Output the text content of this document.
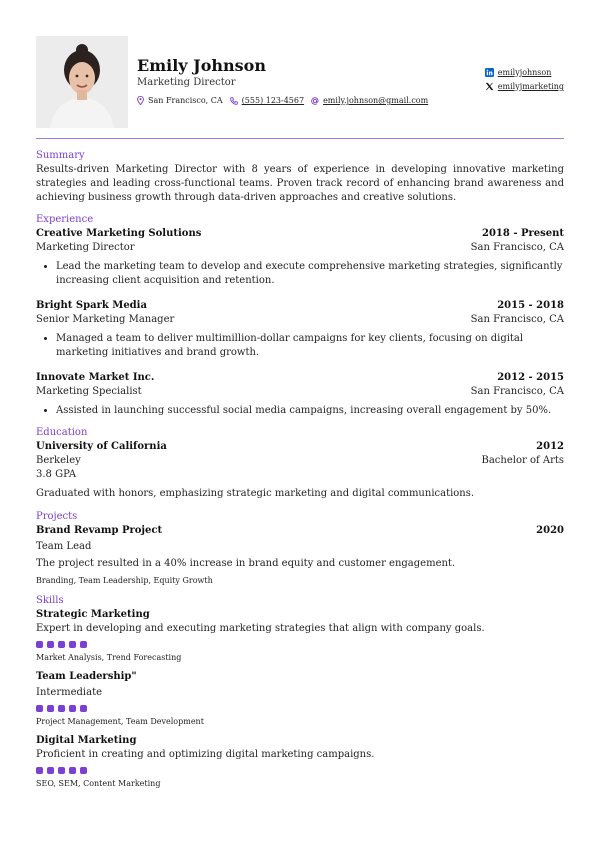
Emily Johnson
Marketing Director
San Francisco, CA (555) 123-4567 emily.johnson@gmail.com
emilyjohnson
emilyjmarketing
Summary
Results-driven Marketing Director with 8 years of experience in developing innovative marketing strategies and leading cross-functional teams. Proven track record of enhancing brand awareness and achieving business growth through data-driven approaches and creative solutions.
Experience
Creative Marketing Solutions	2018 - Present
Marketing Director	San Francisco, CA
• Lead the marketing team to develop and execute comprehensive marketing strategies, significantly increasing client acquisition and retention.
Bright Spark Media	2015 - 2018
Senior Marketing Manager	San Francisco, CA
• Managed a team to deliver multimillion-dollar campaigns for key clients, focusing on digital marketing initiatives and brand growth.
Innovate Market Inc.	2012 - 2015
Marketing Specialist	San Francisco, CA
• Assisted in launching successful social media campaigns, increasing overall engagement by 50%.
Education
University of California	2012
Berkeley	Bachelor of Arts
3.8 GPA
Graduated with honors, emphasizing strategic marketing and digital communications.
Projects
Brand Revamp Project	2020
Team Lead
The project resulted in a 40% increase in brand equity and customer engagement.
Branding, Team Leadership, Equity Growth
Skills
Strategic Marketing
Expert in developing and executing marketing strategies that align with company goals.
Market Analysis, Trend Forecasting
Team Leadership"
Intermediate
Project Management, Team Development
Digital Marketing
Proficient in creating and optimizing digital marketing campaigns.
SEO, SEM, Content Marketing
